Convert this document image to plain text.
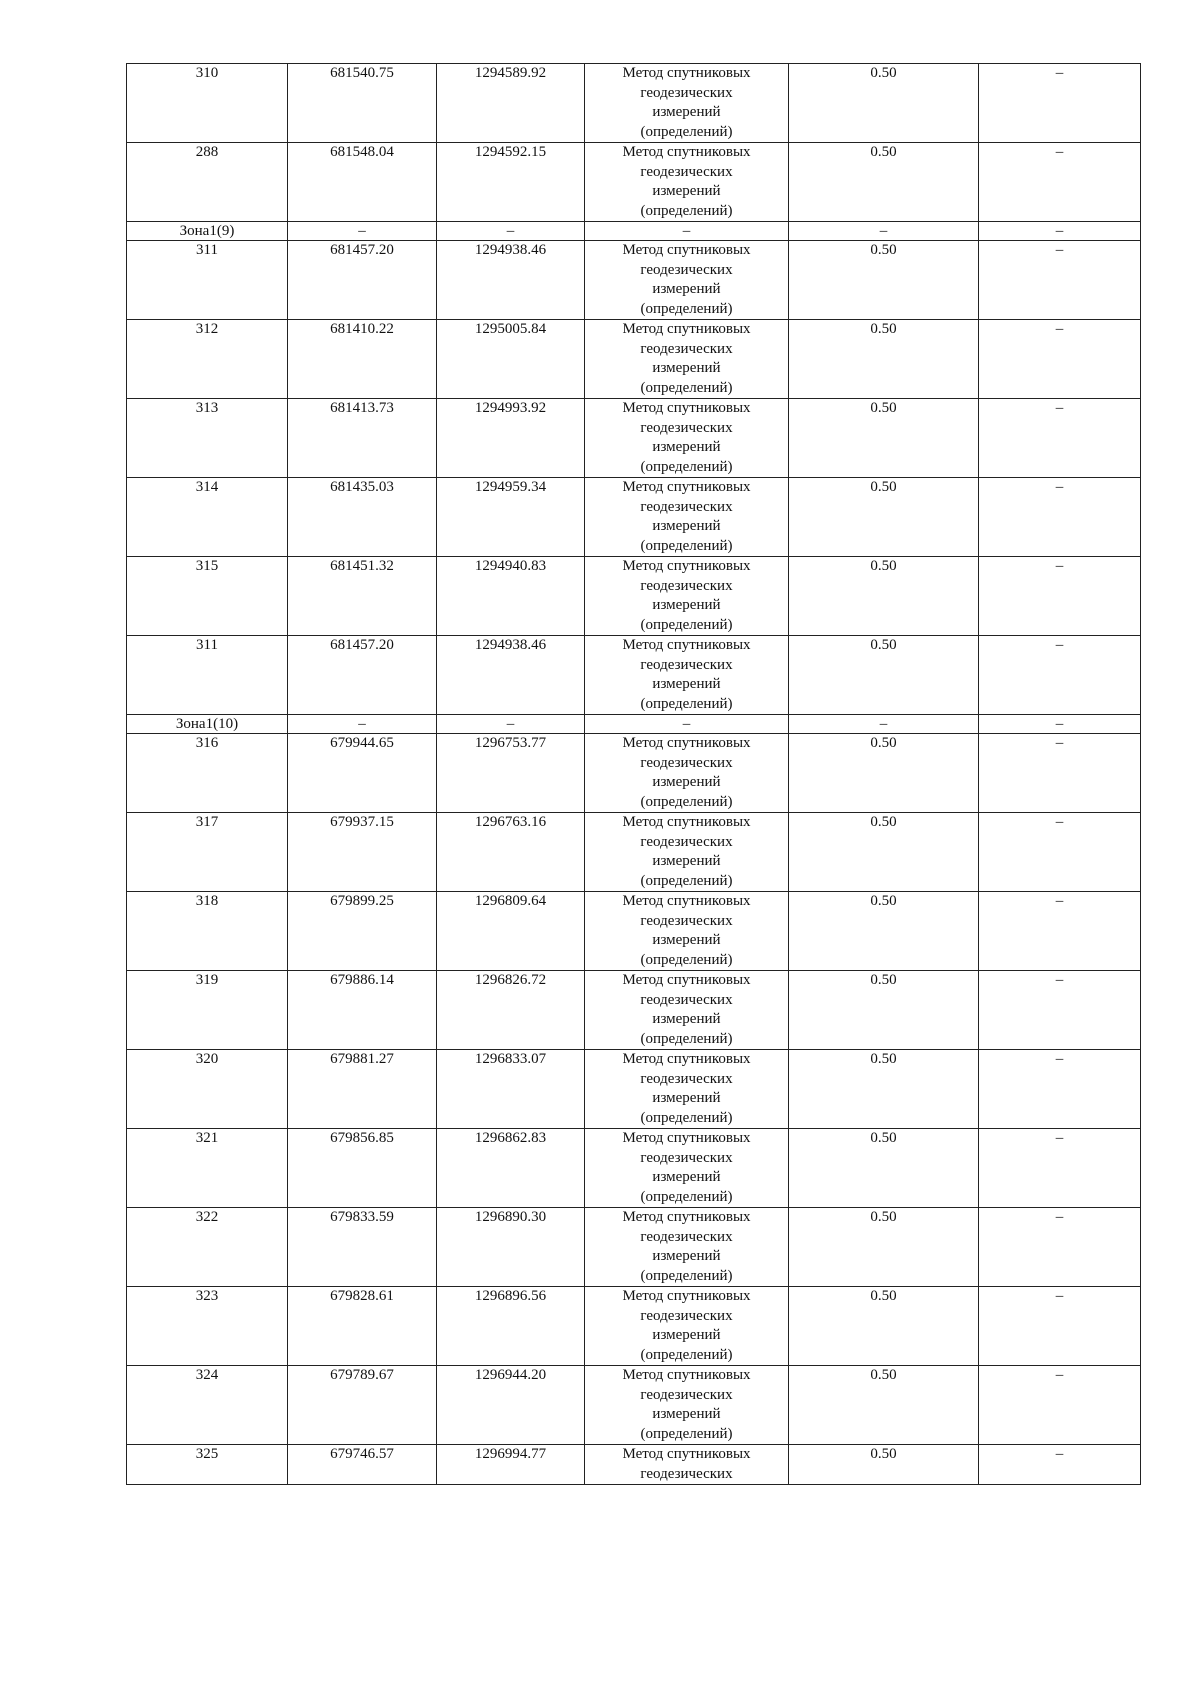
310	681540.75	1294589.92	Метод спутниковых
геодезических
измерений
(определений)	0.50	–
288	681548.04	1294592.15	Метод спутниковых
геодезических
измерений
(определений)	0.50	–
Зона1(9)	–	–	–	–	–
311	681457.20	1294938.46	Метод спутниковых
геодезических
измерений
(определений)	0.50	–
312	681410.22	1295005.84	Метод спутниковых
геодезических
измерений
(определений)	0.50	–
313	681413.73	1294993.92	Метод спутниковых
геодезических
измерений
(определений)	0.50	–
314	681435.03	1294959.34	Метод спутниковых
геодезических
измерений
(определений)	0.50	–
315	681451.32	1294940.83	Метод спутниковых
геодезических
измерений
(определений)	0.50	–
311	681457.20	1294938.46	Метод спутниковых
геодезических
измерений
(определений)	0.50	–
Зона1(10)	–	–	–	–	–
316	679944.65	1296753.77	Метод спутниковых
геодезических
измерений
(определений)	0.50	–
317	679937.15	1296763.16	Метод спутниковых
геодезических
измерений
(определений)	0.50	–
318	679899.25	1296809.64	Метод спутниковых
геодезических
измерений
(определений)	0.50	–
319	679886.14	1296826.72	Метод спутниковых
геодезических
измерений
(определений)	0.50	–
320	679881.27	1296833.07	Метод спутниковых
геодезических
измерений
(определений)	0.50	–
321	679856.85	1296862.83	Метод спутниковых
геодезических
измерений
(определений)	0.50	–
322	679833.59	1296890.30	Метод спутниковых
геодезических
измерений
(определений)	0.50	–
323	679828.61	1296896.56	Метод спутниковых
геодезических
измерений
(определений)	0.50	–
324	679789.67	1296944.20	Метод спутниковых
геодезических
измерений
(определений)	0.50	–
325	679746.57	1296994.77	Метод спутниковых
геодезических	0.50	–
